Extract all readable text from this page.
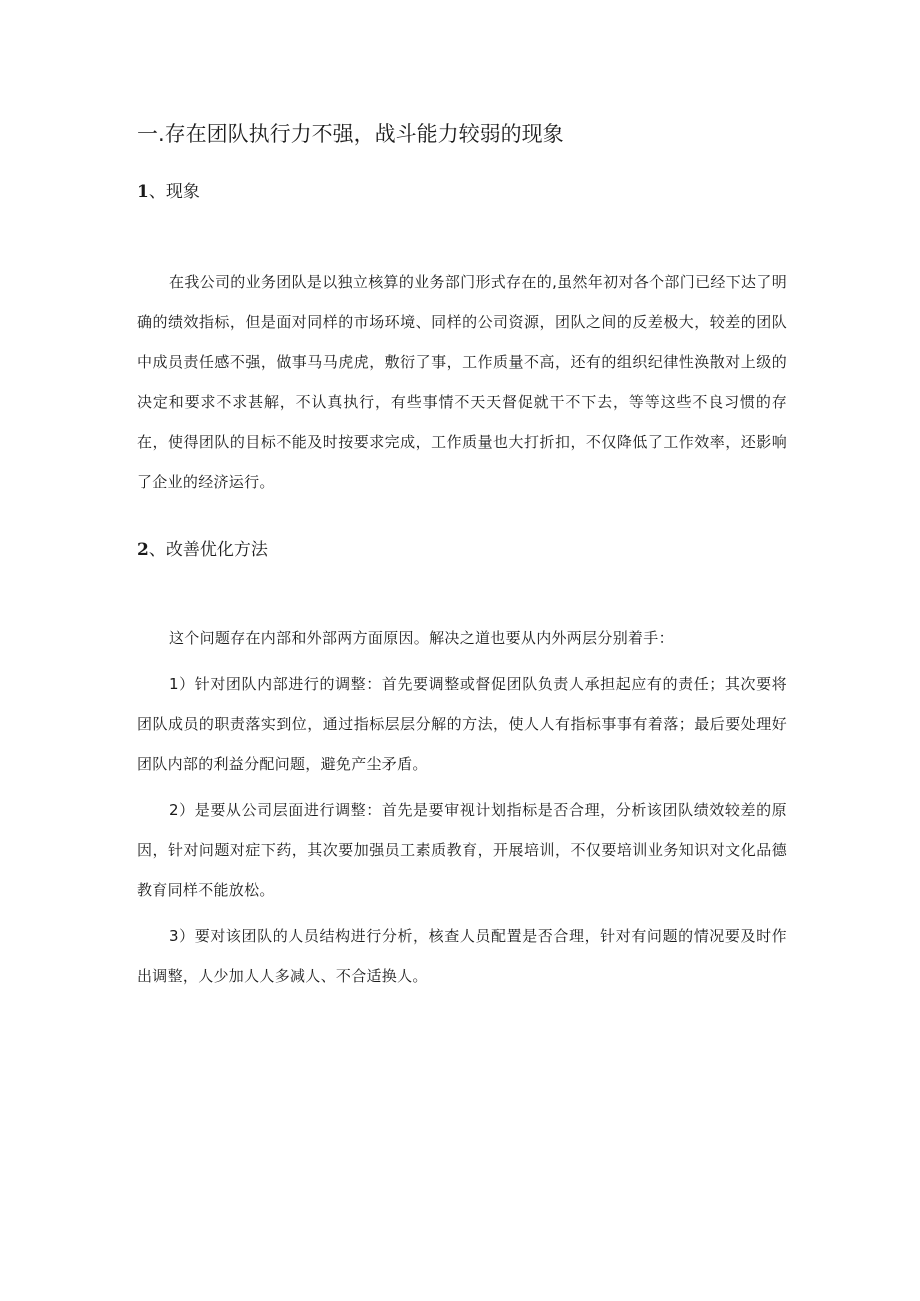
一.存在团队执行力不强，战斗能力较弱的现象
1、现象

在我公司的业务团队是以独立核算的业务部门形式存在的,虽然年初对各个部门已经下达了明确的绩效指标，但是面对同样的市场环境、同样的公司资源，团队之间的反差极大，较差的团队中成员责任感不强，做事马马虎虎，敷衍了事，工作质量不高，还有的组织纪律性涣散对上级的决定和要求不求甚解，不认真执行，有些事情不天天督促就干不下去，等等这些不良习惯的存在，使得团队的目标不能及时按要求完成，工作质量也大打折扣，不仅降低了工作效率，还影响了企业的经济运行。

2、改善优化方法

这个问题存在内部和外部两方面原因。解决之道也要从内外两层分别着手：

1）针对团队内部进行的调整：首先要调整或督促团队负责人承担起应有的责任；其次要将团队成员的职责落实到位，通过指标层层分解的方法，使人人有指标事事有着落；最后要处理好团队内部的利益分配问题，避免产尘矛盾。

2）是要从公司层面进行调整：首先是要审视计划指标是否合理，分析该团队绩效较差的原因，针对问题对症下药，其次要加强员工素质教育，开展培训，不仅要培训业务知识对文化品德教育同样不能放松。

3）要对该团队的人员结构进行分析，核查人员配置是否合理，针对有问题的情况要及时作出调整，人少加人人多减人、不合适换人。
